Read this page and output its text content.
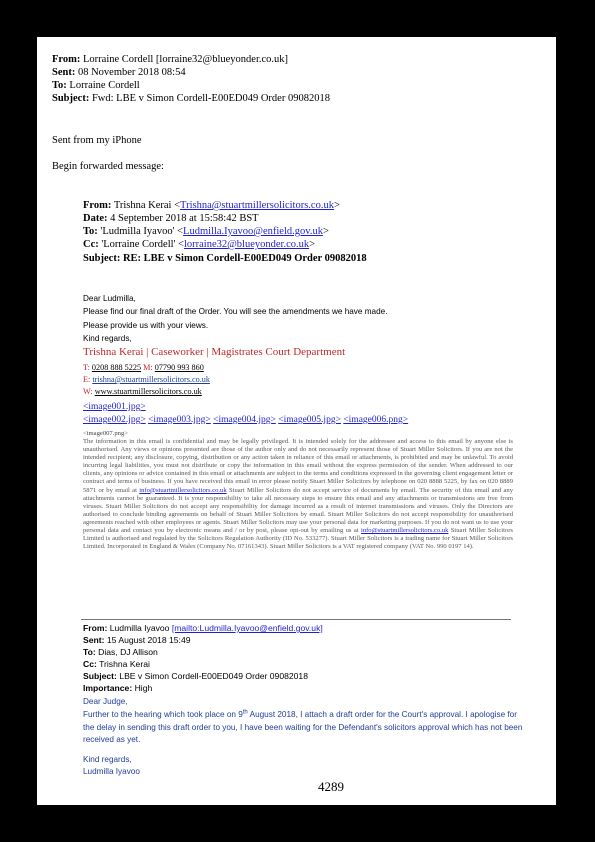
From: Lorraine Cordell [lorraine32@blueyonder.co.uk]
Sent: 08 November 2018 08:54
To: Lorraine Cordell
Subject: Fwd: LBE v Simon Cordell-E00ED049 Order 09082018
Sent from my iPhone
Begin forwarded message:
From: Trishna Kerai <Trishna@stuartmillersolicitors.co.uk>
Date: 4 September 2018 at 15:58:42 BST
To: 'Ludmilla Iyavoo' <Ludmilla.Iyavoo@enfield.gov.uk>
Cc: 'Lorraine Cordell' <lorraine32@blueyonder.co.uk>
Subject: RE: LBE v Simon Cordell-E00ED049 Order 09082018
Dear Ludmilla,
Please find our final draft of the Order. You will see the amendments we have made.
Please provide us with your views.
Kind regards,
Trishna Kerai | Caseworker | Magistrates Court Department
T: 0208 888 5225 M: 07790 993 860
E: trishna@stuartmillersolicitors.co.uk
W: www.stuartmillersolicitors.co.uk
<image001.jpg>
<image002.jpg> <image003.jpg> <image004.jpg> <image005.jpg> <image006.png>
<image007.png>
The information in this email is confidential and may be legally privileged. It is intended solely for the addressee and access to this email by anyone else is unauthorised. Any views or opinions presented are those of the author only and do not necessarily represent those of Stuart Miller Solicitors. If you are not the intended recipient; any disclosure, copying, distribution or any action taken in reliance of this email or attachments, is prohibited and may be unlawful. To avoid incurring legal liabilities, you must not distribute or copy the information in this email without the express permission of the sender. When addressed to our clients, any opinions or advice contained in this email or attachments are subject to the terms and conditions expressed in the governing client engagement letter or contract and terms of business. If you have received this email in error please notify Stuart Miller Solicitors by telephone on 020 8888 5225, by fax on 020 8889 5871 or by email at info@stuartmillersolicitors.co.uk Stuart Miller Solicitors do not accept service of documents by email. The security of this email and any attachments cannot be guaranteed. It is your responsibility to take all necessary steps to ensure this email and any attachments or transmissions are free from viruses. Stuart Miller Solicitors do not accept any responsibility for damage incurred as a result of internet transmissions and viruses. Only the Directors are authorised to conclude binding agreements on behalf of Stuart Miller Solicitors by email. Stuart Miller Solicitors do not accept responsibility for unauthorised agreements reached with other employees or agents. Stuart Miller Solicitors may use your personal data for marketing purposes. If you do not want us to use your personal data and contact you by electronic means and / or by post, please opt-out by emailing us at info@stuartmillersolicitors.co.uk Stuart Miller Solicitors Limited is authorised and regulated by the Solicitors Regulation Authority (ID No. 533277). Stuart Miller Solicitors is a trading name for Stuart Miller Solicitors Limited. Incorporated in England & Wales (Company No. 07161343). Stuart Miller Solicitors is a VAT registered company (VAT No. 990 0197 14).
From: Ludmilla Iyavoo [mailto:Ludmilla.Iyavoo@enfield.gov.uk]
Sent: 15 August 2018 15:49
To: Dias, DJ Allison
Cc: Trishna Kerai
Subject: LBE v Simon Cordell-E00ED049 Order 09082018
Importance: High
Dear Judge,
Further to the hearing which took place on 9th August 2018, I attach a draft order for the Court's approval. I apologise for the delay in sending this draft order to you, I have been waiting for the Defendant's solicitors approval which has not been received as yet.
Kind regards,
Ludmilla Iyavoo
4289
